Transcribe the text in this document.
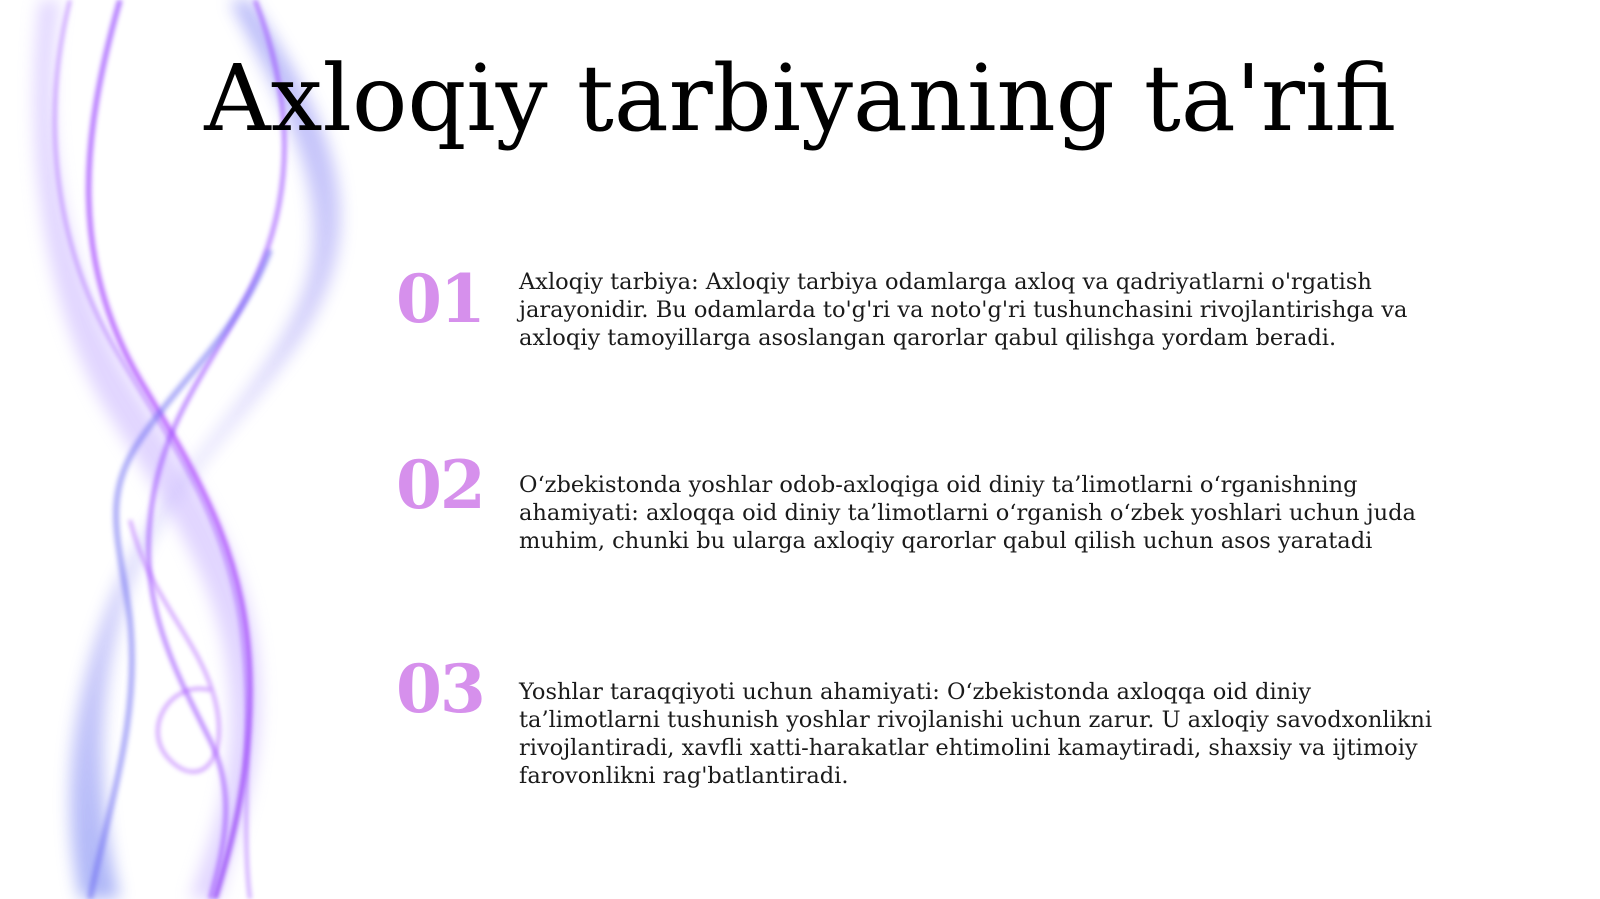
Axloqiy tarbiyaning ta'rifi
01	Axloqiy tarbiya: Axloqiy tarbiya odamlarga axloq va qadriyatlarni o'rgatish jarayonidir. Bu odamlarda to'g'ri va noto'g'ri tushunchasini rivojlantirishga va axloqiy tamoyillarga asoslangan qarorlar qabul qilishga yordam beradi.

02	O‘zbekistonda yoshlar odob-axloqiga oid diniy ta’limotlarni o‘rganishning ahamiyati: axloqqa oid diniy ta’limotlarni o‘rganish o‘zbek yoshlari uchun juda muhim, chunki bu ularga axloqiy qarorlar qabul qilish uchun asos yaratadi

03	Yoshlar taraqqiyoti uchun ahamiyati: O‘zbekistonda axloqqa oid diniy ta’limotlarni tushunish yoshlar rivojlanishi uchun zarur. U axloqiy savodxonlikni rivojlantiradi, xavfli xatti-harakatlar ehtimolini kamaytiradi, shaxsiy va ijtimoiy farovonlikni rag'batlantiradi.
